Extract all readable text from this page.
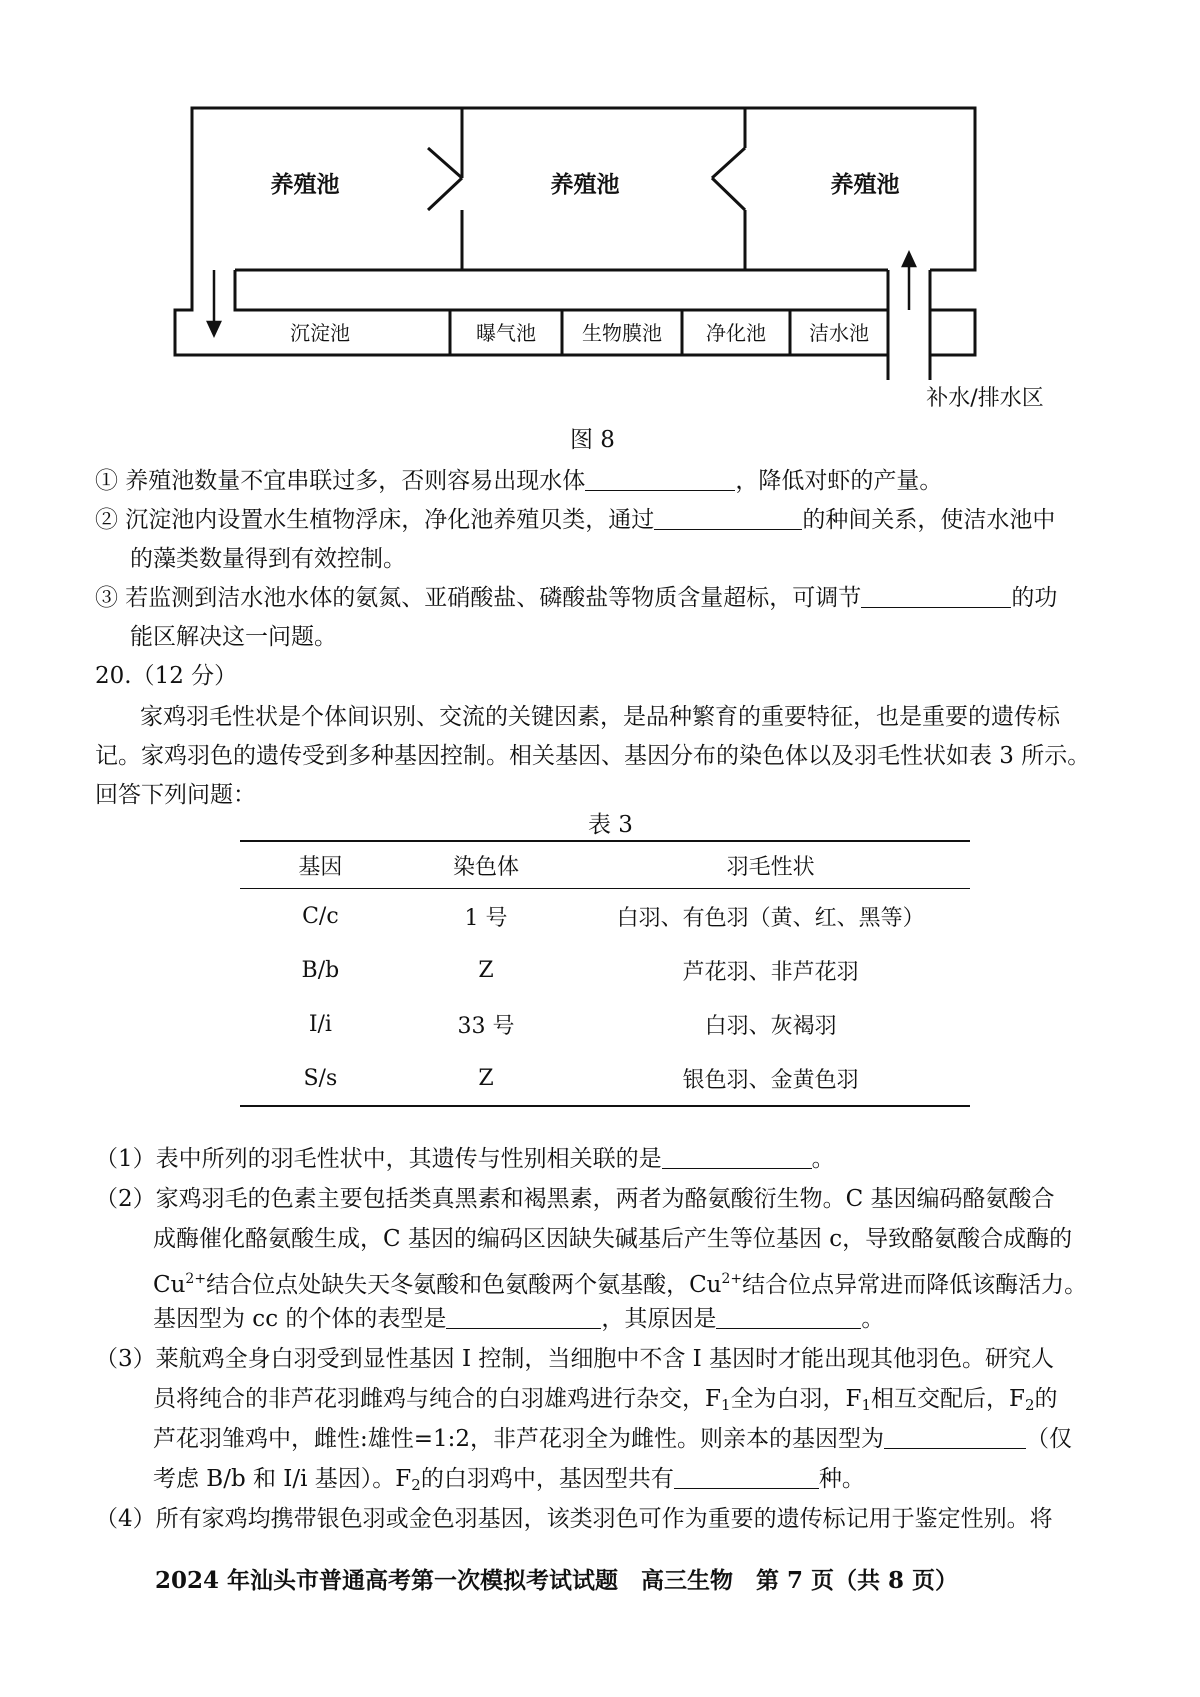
养殖池	养殖池	养殖池
沉淀池	曝气池 生物膜池 净化池 洁水池
补水/排水区
图 8
① 养殖池数量不宜串联过多，否则容易出现水体	，降低对虾的产量。
② 沉淀池内设置水生植物浮床，净化池养殖贝类，通过	的种间关系，使洁水池中
的藻类数量得到有效控制。
③ 若监测到洁水池水体的氨氮、亚硝酸盐、磷酸盐等物质含量超标，可调节	的功
能区解决这一问题。
20.（12 分）
家鸡羽毛性状是个体间识别、交流的关键因素，是品种繁育的重要特征，也是重要的遗传标
记。家鸡羽色的遗传受到多种基因控制。相关基因、基因分布的染色体以及羽毛性状如表 3 所示。
回答下列问题：
表 3
基因	染色体	羽毛性状
C/c	1 号	白羽、有色羽（黄、红、黑等）
B/b	Z	芦花羽、非芦花羽
I/i	33 号	白羽、灰褐羽
S/s	Z	银色羽、金黄色羽
（1）表中所列的羽毛性状中，其遗传与性别相关联的是	。
（2）家鸡羽毛的色素主要包括类真黑素和褐黑素，两者为酪氨酸衍生物。C 基因编码酪氨酸合
成酶催化酪氨酸生成，C 基因的编码区因缺失碱基后产生等位基因 c，导致酪氨酸合成酶的
$Cu^{2+}$结合位点处缺失天冬氨酸和色氨酸两个氨基酸，$Cu^{2+}$结合位点异常进而降低该酶活力。
基因型为 cc 的个体的表型是	，其原因是	。
（3）莱航鸡全身白羽受到显性基因 I 控制，当细胞中不含 I 基因时才能出现其他羽色。研究人
员将纯合的非芦花羽雌鸡与纯合的白羽雄鸡进行杂交，$F_1$全为白羽，$F_1$相互交配后，$F_2$的
芦花羽雏鸡中，雌性:雄性=1:2，非芦花羽全为雌性。则亲本的基因型为	（仅
考虑 B/b 和 I/i 基因）。$F_2$的白羽鸡中，基因型共有	种。
（4）所有家鸡均携带银色羽或金色羽基因，该类羽色可作为重要的遗传标记用于鉴定性别。将
2024 年汕头市普通高考第一次模拟考试试题　高三生物　第 7 页（共 8 页）
